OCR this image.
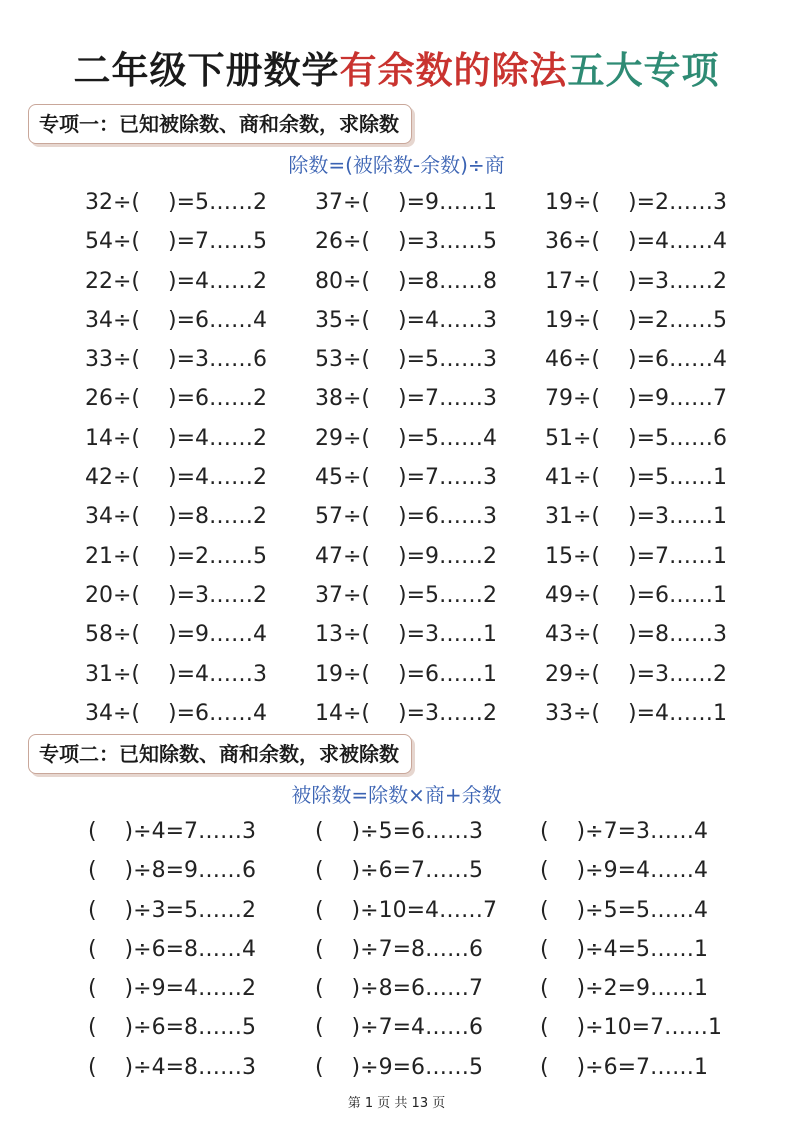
二年级下册数学有余数的除法五大专项
专项一：已知被除数、商和余数，求除数
除数=(被除数-余数)÷商
32÷(    )=5……2 37÷(    )=9……1 19÷(    )=2……3
54÷(    )=7……5 26÷(    )=3……5 36÷(    )=4……4
22÷(    )=4……2 80÷(    )=8……8 17÷(    )=3……2
34÷(    )=6……4 35÷(    )=4……3 19÷(    )=2……5
33÷(    )=3……6 53÷(    )=5……3 46÷(    )=6……4
26÷(    )=6……2 38÷(    )=7……3 79÷(    )=9……7
14÷(    )=4……2 29÷(    )=5……4 51÷(    )=5……6
42÷(    )=4……2 45÷(    )=7……3 41÷(    )=5……1
34÷(    )=8……2 57÷(    )=6……3 31÷(    )=3……1
21÷(    )=2……5 47÷(    )=9……2 15÷(    )=7……1
20÷(    )=3……2 37÷(    )=5……2 49÷(    )=6……1
58÷(    )=9……4 13÷(    )=3……1 43÷(    )=8……3
31÷(    )=4……3 19÷(    )=6……1 29÷(    )=3……2
34÷(    )=6……4 14÷(    )=3……2 33÷(    )=4……1
专项二：已知除数、商和余数，求被除数
被除数=除数×商+余数
(    )÷4=7……3	(    )÷5=6……3	(    )÷7=3……4
(    )÷8=9……6	(    )÷6=7……5	(    )÷9=4……4
(    )÷3=5……2	(    )÷10=4……7 (    )÷5=5……4
(    )÷6=8……4	(    )÷7=8……6	(    )÷4=5……1
(    )÷9=4……2	(    )÷8=6……7	(    )÷2=9……1
(    )÷6=8……5	(    )÷7=4……6	(    )÷10=7……1
(    )÷4=8……3	(    )÷9=6……5	(    )÷6=7……1
第 1 页 共 13 页
